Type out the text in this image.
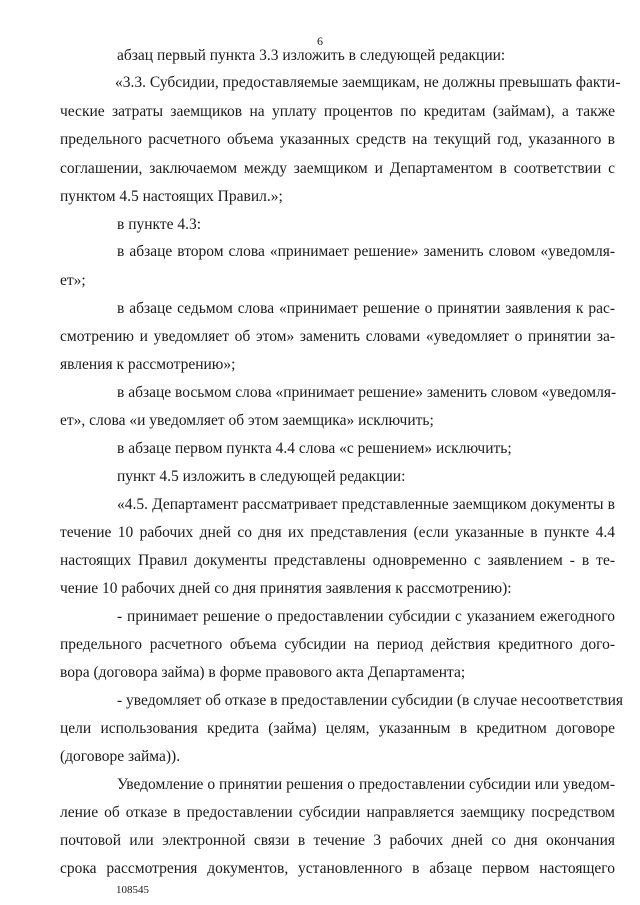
6
абзац первый пункта 3.3 изложить в следующей редакции:
«3.3. Субсидии, предоставляемые заемщикам, не должны превышать факти-
ческие затраты заемщиков на уплату процентов по кредитам (займам), а также
предельного расчетного объема указанных средств на текущий год, указанного в
соглашении, заключаемом между заемщиком и Департаментом в соответствии с
пунктом 4.5 настоящих Правил.»;
в пункте 4.3:
в абзаце втором слова «принимает решение» заменить словом «уведомля-
ет»;
в абзаце седьмом слова «принимает решение о принятии заявления к рас-
смотрению и уведомляет об этом» заменить словами «уведомляет о принятии за-
явления к рассмотрению»;
в абзаце восьмом слова «принимает решение» заменить словом «уведомля-
ет», слова «и уведомляет об этом заемщика» исключить;
в абзаце первом пункта 4.4 слова «с решением» исключить;
пункт 4.5 изложить в следующей редакции:
«4.5. Департамент рассматривает представленные заемщиком документы в
течение 10 рабочих дней со дня их представления (если указанные в пункте 4.4
настоящих Правил документы представлены одновременно с заявлением - в те-
чение 10 рабочих дней со дня принятия заявления к рассмотрению):
- принимает решение о предоставлении субсидии с указанием ежегодного
предельного расчетного объема субсидии на период действия кредитного дого-
вора (договора займа) в форме правового акта Департамента;
- уведомляет об отказе в предоставлении субсидии (в случае несоответствия
цели использования кредита (займа) целям, указанным в кредитном договоре
(договоре займа)).
Уведомление о принятии решения о предоставлении субсидии или уведом-
ление об отказе в предоставлении субсидии направляется заемщику посредством
почтовой или электронной связи в течение 3 рабочих дней со дня окончания
срока рассмотрения документов, установленного в абзаце первом настоящего
108545
